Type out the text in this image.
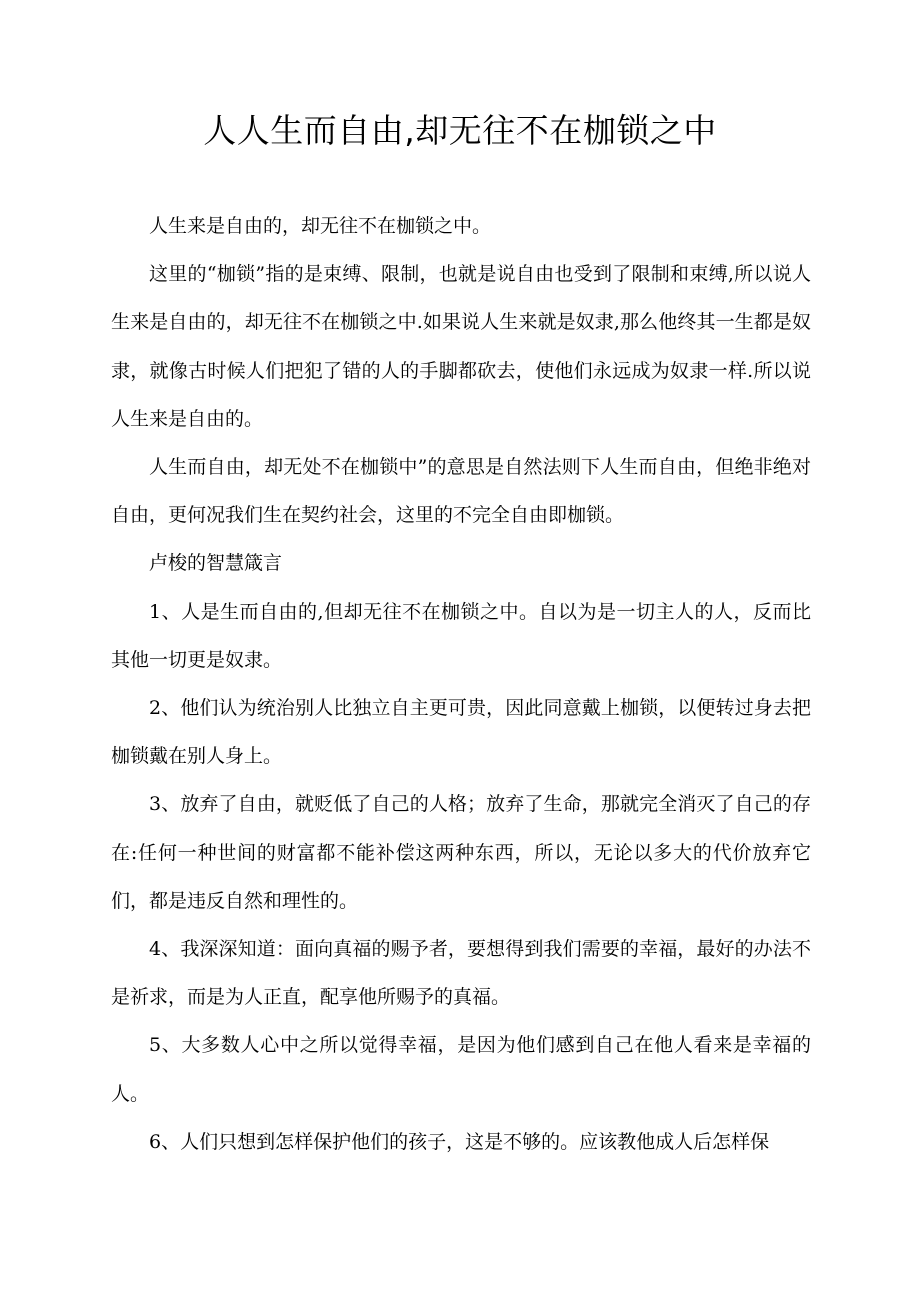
人人生而自由,却无往不在枷锁之中

人生来是自由的，却无往不在枷锁之中。

这里的“枷锁”指的是束缚、限制，也就是说自由也受到了限制和束缚,所以说人生来是自由的，却无往不在枷锁之中.如果说人生来就是奴隶,那么他终其一生都是奴隶，就像古时候人们把犯了错的人的手脚都砍去，使他们永远成为奴隶一样.所以说人生来是自由的。

人生而自由，却无处不在枷锁中”的意思是自然法则下人生而自由，但绝非绝对自由，更何况我们生在契约社会，这里的不完全自由即枷锁。

卢梭的智慧箴言

1、人是生而自由的,但却无往不在枷锁之中。自以为是一切主人的人，反而比其他一切更是奴隶。

2、他们认为统治别人比独立自主更可贵，因此同意戴上枷锁，以便转过身去把枷锁戴在别人身上。

3、放弃了自由，就贬低了自己的人格；放弃了生命，那就完全消灭了自己的存在:任何一种世间的财富都不能补偿这两种东西，所以，无论以多大的代价放弃它们，都是违反自然和理性的。

4、我深深知道：面向真福的赐予者，要想得到我们需要的幸福，最好的办法不是祈求，而是为人正直，配享他所赐予的真福。

5、大多数人心中之所以觉得幸福，是因为他们感到自己在他人看来是幸福的人。

6、人们只想到怎样保护他们的孩子，这是不够的。应该教他成人后怎样保
